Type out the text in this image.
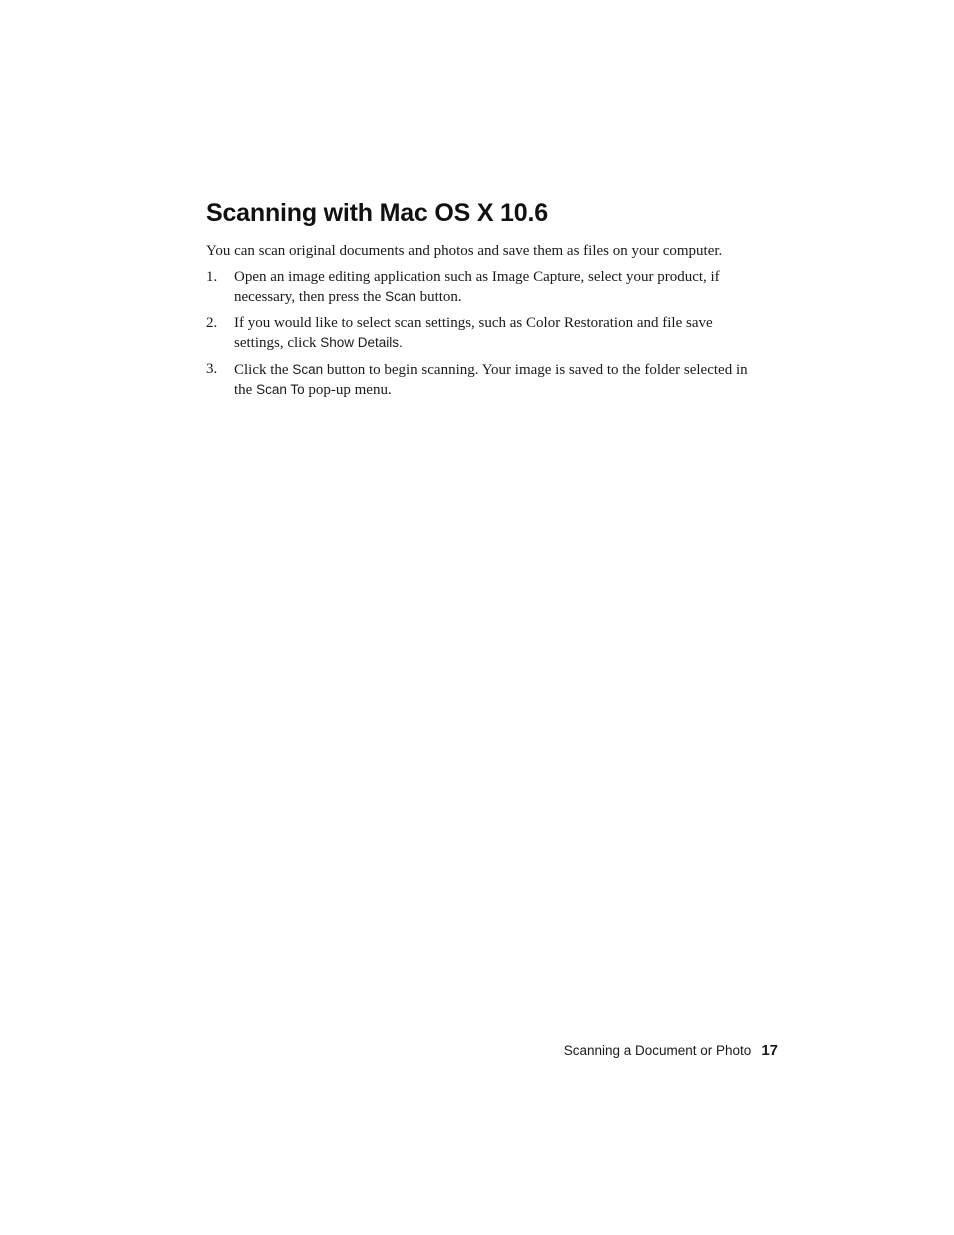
Scanning with Mac OS X 10.6

You can scan original documents and photos and save them as files on your computer.

1. Open an image editing application such as Image Capture, select your product, if necessary, then press the Scan button.
2. If you would like to select scan settings, such as Color Restoration and file save settings, click Show Details.
3. Click the Scan button to begin scanning. Your image is saved to the folder selected in the Scan To pop-up menu.
Scanning a Document or Photo 17
